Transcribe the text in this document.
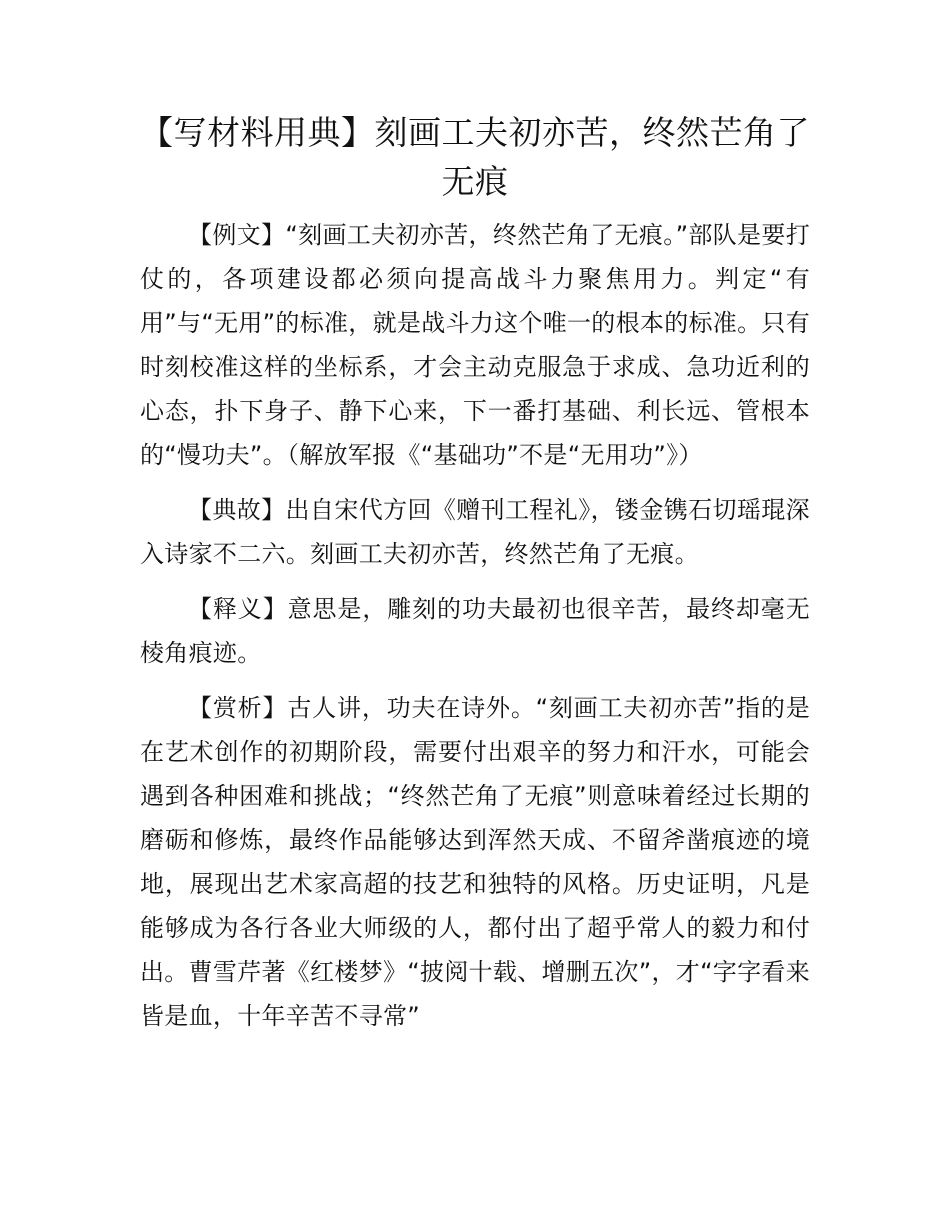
【写材料用典】刻画工夫初亦苦，终然芒角了无痕

【例文】“刻画工夫初亦苦，终然芒角了无痕。”部队是要打仗的，各项建设都必须向提高战斗力聚焦用力。判定“有用”与“无用”的标准，就是战斗力这个唯一的根本的标准。只有时刻校准这样的坐标系，才会主动克服急于求成、急功近利的心态，扑下身子、静下心来，下一番打基础、利长远、管根本的“慢功夫”。（解放军报《“基础功”不是“无用功”》）

【典故】出自宋代方回《赠刊工程礼》，镂金镌石切瑶琨深入诗家不二六。刻画工夫初亦苦，终然芒角了无痕。

【释义】意思是，雕刻的功夫最初也很辛苦，最终却毫无棱角痕迹。

【赏析】古人讲，功夫在诗外。“刻画工夫初亦苦”指的是在艺术创作的初期阶段，需要付出艰辛的努力和汗水，可能会遇到各种困难和挑战；“终然芒角了无痕”则意味着经过长期的磨砺和修炼，最终作品能够达到浑然天成、不留斧凿痕迹的境地，展现出艺术家高超的技艺和独特的风格。历史证明，凡是能够成为各行各业大师级的人，都付出了超乎常人的毅力和付出。曹雪芹著《红楼梦》“披阅十载、增删五次”，才“字字看来皆是血，十年辛苦不寻常”
